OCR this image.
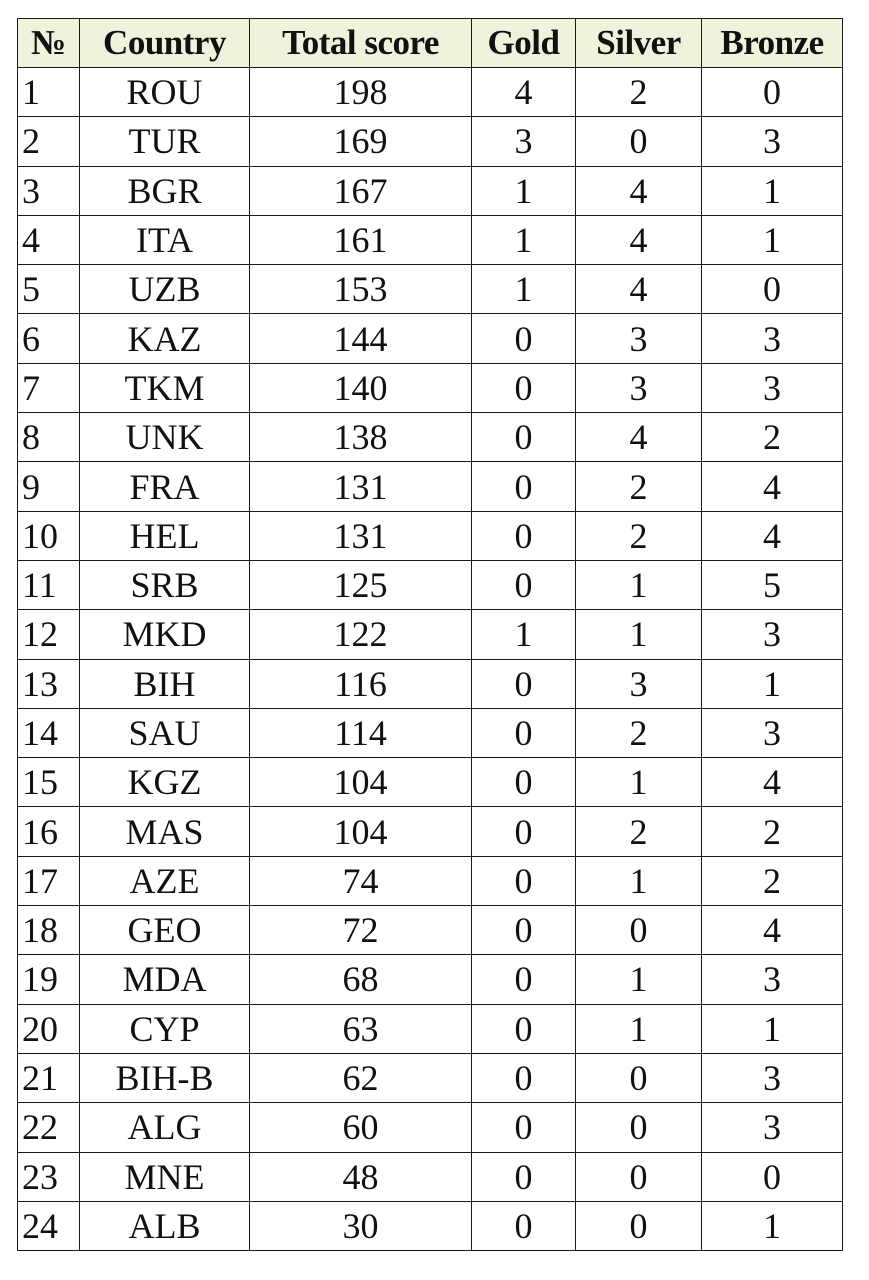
№	Country	Total score	Gold	Silver	Bronze
1	ROU	198	4	2	0
2	TUR	169	3	0	3
3	BGR	167	1	4	1
4	ITA	161	1	4	1
5	UZB	153	1	4	0
6	KAZ	144	0	3	3
7	TKM	140	0	3	3
8	UNK	138	0	4	2
9	FRA	131	0	2	4
10	HEL	131	0	2	4
11	SRB	125	0	1	5
12	MKD	122	1	1	3
13	BIH	116	0	3	1
14	SAU	114	0	2	3
15	KGZ	104	0	1	4
16	MAS	104	0	2	2
17	AZE	74	0	1	2
18	GEO	72	0	0	4
19	MDA	68	0	1	3
20	CYP	63	0	1	1
21	BIH-B	62	0	0	3
22	ALG	60	0	0	3
23	MNE	48	0	0	0
24	ALB	30	0	0	1
